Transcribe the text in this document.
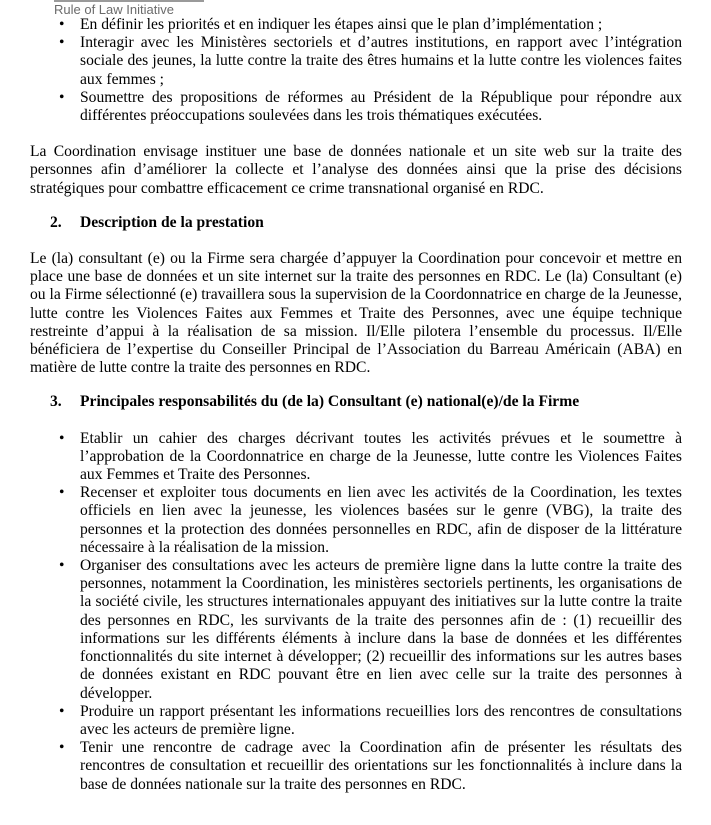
Rule of Law Initiative
• En définir les priorités et en indiquer les étapes ainsi que le plan d’implémentation ;
• Interagir avec les Ministères sectoriels et d’autres institutions, en rapport avec l’intégration sociale des jeunes, la lutte contre la traite des êtres humains et la lutte contre les violences faites aux femmes ;
• Soumettre des propositions de réformes au Président de la République pour répondre aux différentes préoccupations soulevées dans les trois thématiques exécutées.

La Coordination envisage instituer une base de données nationale et un site web sur la traite des personnes afin d’améliorer la collecte et l’analyse des données ainsi que la prise des décisions stratégiques pour combattre efficacement ce crime transnational organisé en RDC.

2. Description de la prestation

Le (la) consultant (e) ou la Firme sera chargée d’appuyer la Coordination pour concevoir et mettre en place une base de données et un site internet sur la traite des personnes en RDC. Le (la) Consultant (e) ou la Firme sélectionné (e) travaillera sous la supervision de la Coordonnatrice en charge de la Jeunesse, lutte contre les Violences Faites aux Femmes et Traite des Personnes, avec une équipe technique restreinte d’appui à la réalisation de sa mission. Il/Elle pilotera l’ensemble du processus. Il/Elle bénéficiera de l’expertise du Conseiller Principal de l’Association du Barreau Américain (ABA) en matière de lutte contre la traite des personnes en RDC.

3. Principales responsabilités du (de la) Consultant (e) national(e)/de la Firme
• Etablir un cahier des charges décrivant toutes les activités prévues et le soumettre à l’approbation de la Coordonnatrice en charge de la Jeunesse, lutte contre les Violences Faites aux Femmes et Traite des Personnes.
• Recenser et exploiter tous documents en lien avec les activités de la Coordination, les textes officiels en lien avec la jeunesse, les violences basées sur le genre (VBG), la traite des personnes et la protection des données personnelles en RDC, afin de disposer de la littérature nécessaire à la réalisation de la mission.
• Organiser des consultations avec les acteurs de première ligne dans la lutte contre la traite des personnes, notamment la Coordination, les ministères sectoriels pertinents, les organisations de la société civile, les structures internationales appuyant des initiatives sur la lutte contre la traite des personnes en RDC, les survivants de la traite des personnes afin de : (1) recueillir des informations sur les différents éléments à inclure dans la base de données et les différentes fonctionnalités du site internet à développer; (2) recueillir des informations sur les autres bases de données existant en RDC pouvant être en lien avec celle sur la traite des personnes à développer.
• Produire un rapport présentant les informations recueillies lors des rencontres de consultations avec les acteurs de première ligne.
• Tenir une rencontre de cadrage avec la Coordination afin de présenter les résultats des rencontres de consultation et recueillir des orientations sur les fonctionnalités à inclure dans la base de données nationale sur la traite des personnes en RDC.
